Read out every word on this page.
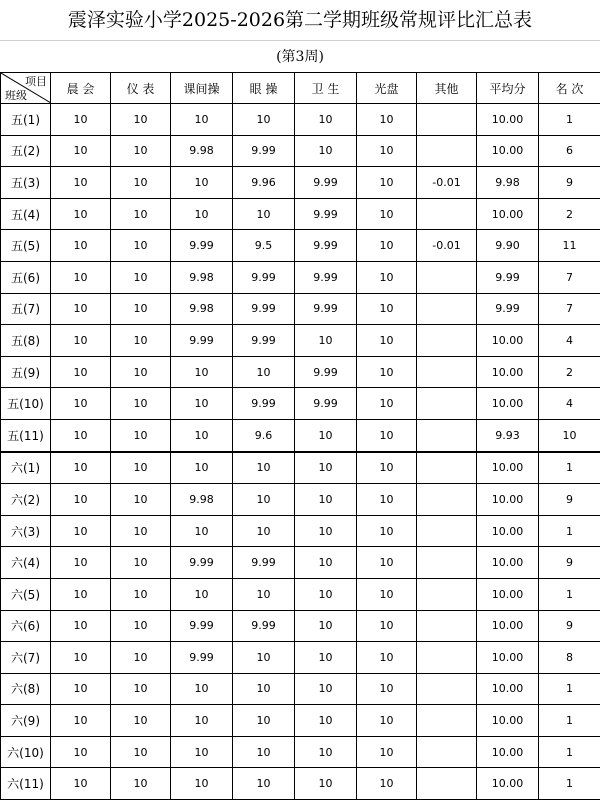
震泽实验小学2025-2026第二学期班级常规评比汇总表
(第3周)
项目
班级	晨 会	仪 表	课间操	眼 操	卫 生	光盘	其他	平均分	名 次
五(1)	10	10	10	10	10	10		10.00	1
五(2)	10	10	9.98	9.99	10	10		10.00	6
五(3)	10	10	10	9.96	9.99	10	-0.01	9.98	9
五(4)	10	10	10	10	9.99	10		10.00	2
五(5)	10	10	9.99	9.5	9.99	10	-0.01	9.90	11
五(6)	10	10	9.98	9.99	9.99	10		9.99	7
五(7)	10	10	9.98	9.99	9.99	10		9.99	7
五(8)	10	10	9.99	9.99	10	10		10.00	4
五(9)	10	10	10	10	9.99	10		10.00	2
五(10)	10	10	10	9.99	9.99	10		10.00	4
五(11)	10	10	10	9.6	10	10		9.93	10
六(1)	10	10	10	10	10	10		10.00	1
六(2)	10	10	9.98	10	10	10		10.00	9
六(3)	10	10	10	10	10	10		10.00	1
六(4)	10	10	9.99	9.99	10	10		10.00	9
六(5)	10	10	10	10	10	10		10.00	1
六(6)	10	10	9.99	9.99	10	10		10.00	9
六(7)	10	10	9.99	10	10	10		10.00	8
六(8)	10	10	10	10	10	10		10.00	1
六(9)	10	10	10	10	10	10		10.00	1
六(10)	10	10	10	10	10	10		10.00	1
六(11)	10	10	10	10	10	10		10.00	1
